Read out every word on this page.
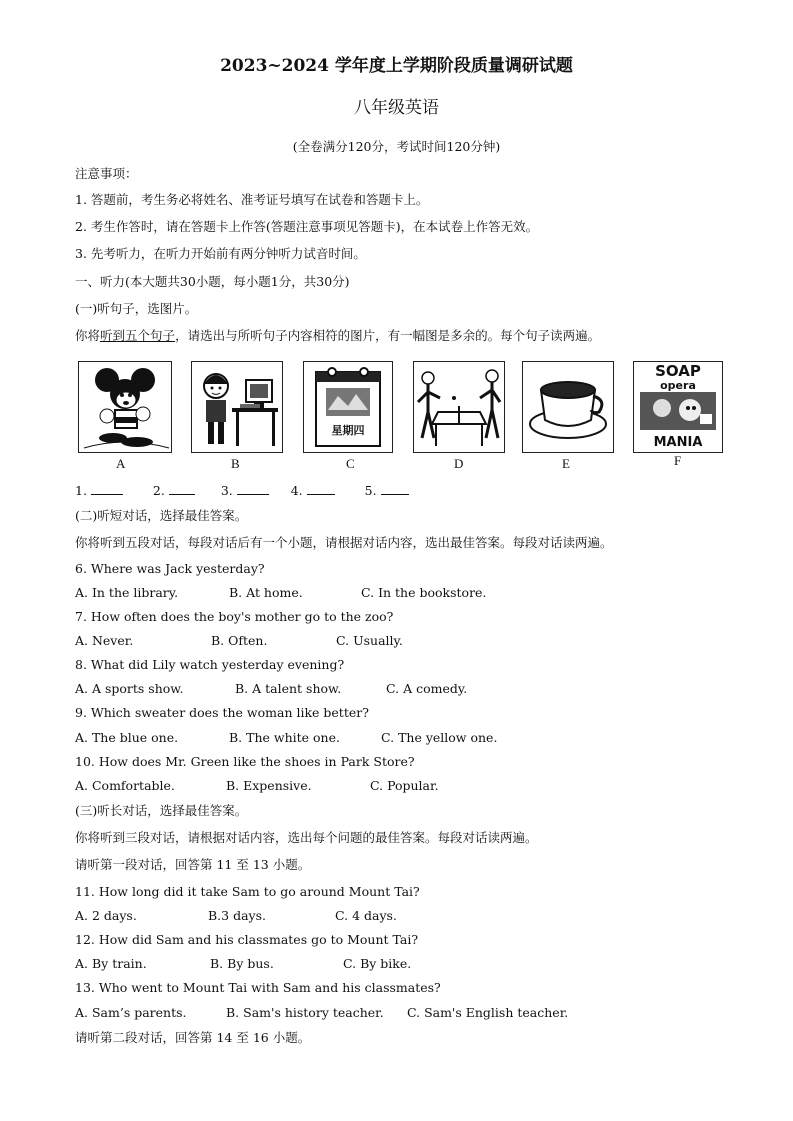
2023~2024 学年度上学期阶段质量调研试题
八年级英语
(全卷满分120分，考试时间120分钟)
注意事项：
1. 答题前，考生务必将姓名、准考证号填写在试卷和答题卡上。
2. 考生作答时，请在答题卡上作答(答题注意事项见答题卡)，在本试卷上作答无效。
3. 先考听力，在听力开始前有两分钟听力试音时间。
一、听力(本大题共30小题，每小题1分，共30分)
(一)听句子，选图片。
你将听到五个句子，请选出与所听句子内容相符的图片，有一幅图是多余的。每个句子读两遍。
星期四
SOAP
opera
MANIA
A	B	C	D	E	F
1.	2.	3.	4.	5.
(二)听短对话，选择最佳答案。
你将听到五段对话，每段对话后有一个小题，请根据对话内容，选出最佳答案。每段对话读两遍。
6. Where was Jack yesterday?
A. In the library.	B. At home.	C. In the bookstore.
7. How often does the boy's mother go to the zoo?
A. Never.	B. Often.	C. Usually.
8. What did Lily watch yesterday evening?
A. A sports show.	B. A talent show.	C. A comedy.
9. Which sweater does the woman like better?
A. The blue one.	B. The white one.	C. The yellow one.
10. How does Mr. Green like the shoes in Park Store?
A. Comfortable.	B. Expensive.	C. Popular.
(三)听长对话，选择最佳答案。
你将听到三段对话，请根据对话内容，选出每个问题的最佳答案。每段对话读两遍。
请听第一段对话，回答第 11 至 13 小题。
11. How long did it take Sam to go around Mount Tai?
A. 2 days.	B.3 days.	C. 4 days.
12. How did Sam and his classmates go to Mount Tai?
A. By train.	B. By bus.	C. By bike.
13. Who went to Mount Tai with Sam and his classmates?
A. Sam’s parents.	B. Sam's history teacher. C. Sam's English teacher.
请听第二段对话，回答第 14 至 16 小题。
